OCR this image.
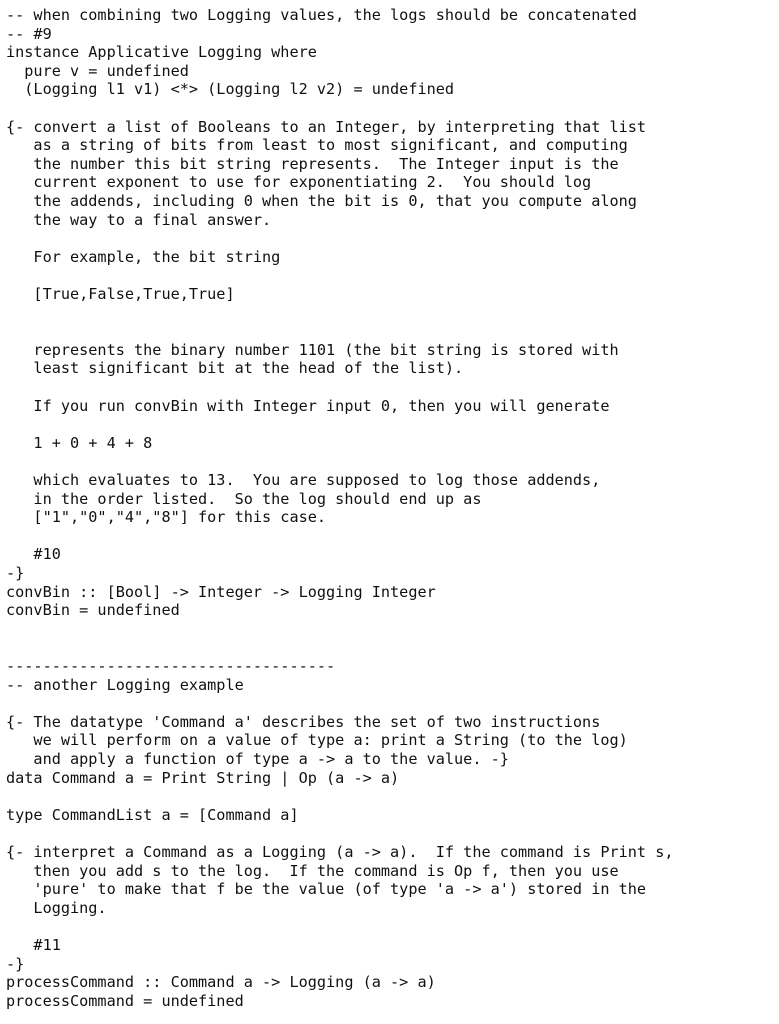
-- when combining two Logging values, the logs should be concatenated
-- #9
instance Applicative Logging where
pure v = undefined
(Logging l1 v1) <*> (Logging l2 v2) = undefined
{- convert a list of Booleans to an Integer, by interpreting that list
as a string of bits from least to most significant, and computing
the number this bit string represents.  The Integer input is the
current exponent to use for exponentiating 2.  You should log
the addends, including 0 when the bit is 0, that you compute along
the way to a final answer.
For example, the bit string
[True,False,True,True]
represents the binary number 1101 (the bit string is stored with
least significant bit at the head of the list).
If you run convBin with Integer input 0, then you will generate
1 + 0 + 4 + 8
which evaluates to 13.  You are supposed to log those addends,
in the order listed.  So the log should end up as
["1","0","4","8"] for this case.
#10
-}
convBin :: [Bool] -> Integer -> Logging Integer
convBin = undefined
------------------------------------
-- another Logging example
{- The datatype 'Command a' describes the set of two instructions
we will perform on a value of type a: print a String (to the log)
and apply a function of type a -> a to the value. -}
data Command a = Print String | Op (a -> a)
type CommandList a = [Command a]
{- interpret a Command as a Logging (a -> a).  If the command is Print s,
then you add s to the log.  If the command is Op f, then you use
'pure' to make that f be the value (of type 'a -> a') stored in the
Logging.
#11
-}
processCommand :: Command a -> Logging (a -> a)
processCommand = undefined
